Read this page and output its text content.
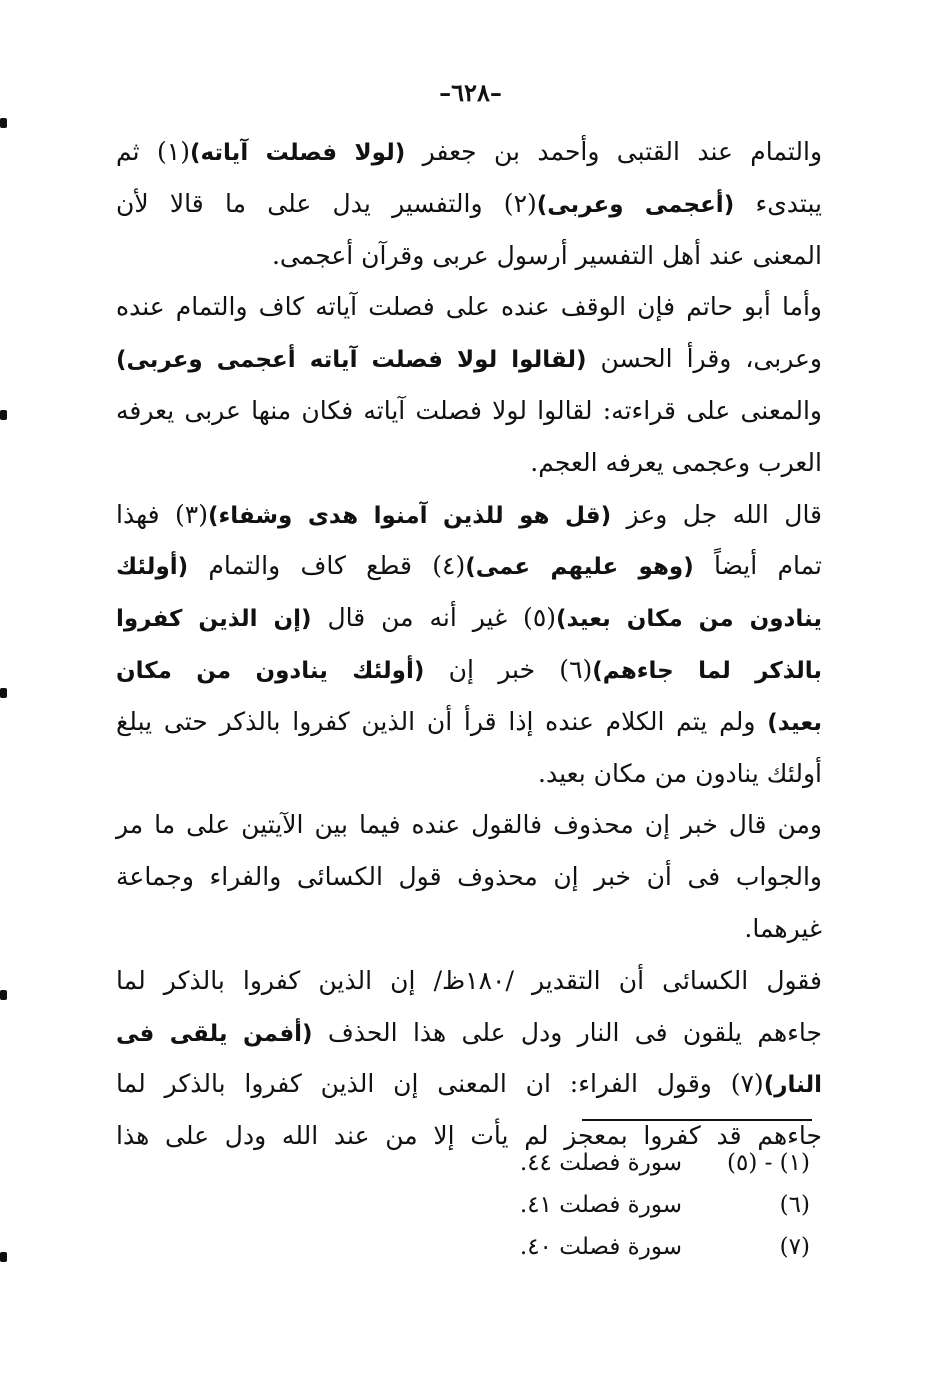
–٦٢٨–
والتمام عند القتبى وأحمد بن جعفر (لولا فصلت آياته)(١) ثم
يبتدىء (أعجمى وعربى)(٢) والتفسير يدل على ما قالا لأن
المعنى عند أهل التفسير أرسول عربى وقرآن أعجمى.
وأما أبو حاتم فإن الوقف عنده على فصلت آياته كاف والتمام عنده
وعربى، وقرأ الحسن (لقالوا لولا فصلت آياته أعجمى وعربى)
والمعنى على قراءته: لقالوا لولا فصلت آياته فكان منها عربى يعرفه
العرب وعجمى يعرفه العجم.
قال الله جل وعز (قل هو للذين آمنوا هدى وشفاء)(٣) فهذا
تمام أيضاً (وهو عليهم عمى)(٤) قطع كاف والتمام (أولئك
ينادون من مكان بعيد)(٥) غير أنه من قال (إن الذين كفروا
بالذكر لما جاءهم)(٦) خبر إن (أولئك ينادون من مكان
بعيد) ولم يتم الكلام عنده إذا قرأ أن الذين كفروا بالذكر حتى يبلغ
أولئك ينادون من مكان بعيد.
ومن قال خبر إن محذوف فالقول عنده فيما بين الآيتين على ما مر
والجواب فى أن خبر إن محذوف قول الكسائى والفراء وجماعة
غيرهما.
فقول الكسائى أن التقدير /١٨٠ظ/ إن الذين كفروا بالذكر لما
جاءهم يلقون فى النار ودل على هذا الحذف (أفمن يلقى فى
النار)(٧) وقول الفراء: ان المعنى إن الذين كفروا بالذكر لما
جاءهم قد كفروا بمعجز لم يأت إلا من عند الله ودل على هذا
(١) - (٥)
سورة فصلت ٤٤.
(٦)
سورة فصلت ٤١.
(٧)
سورة فصلت ٤٠.
